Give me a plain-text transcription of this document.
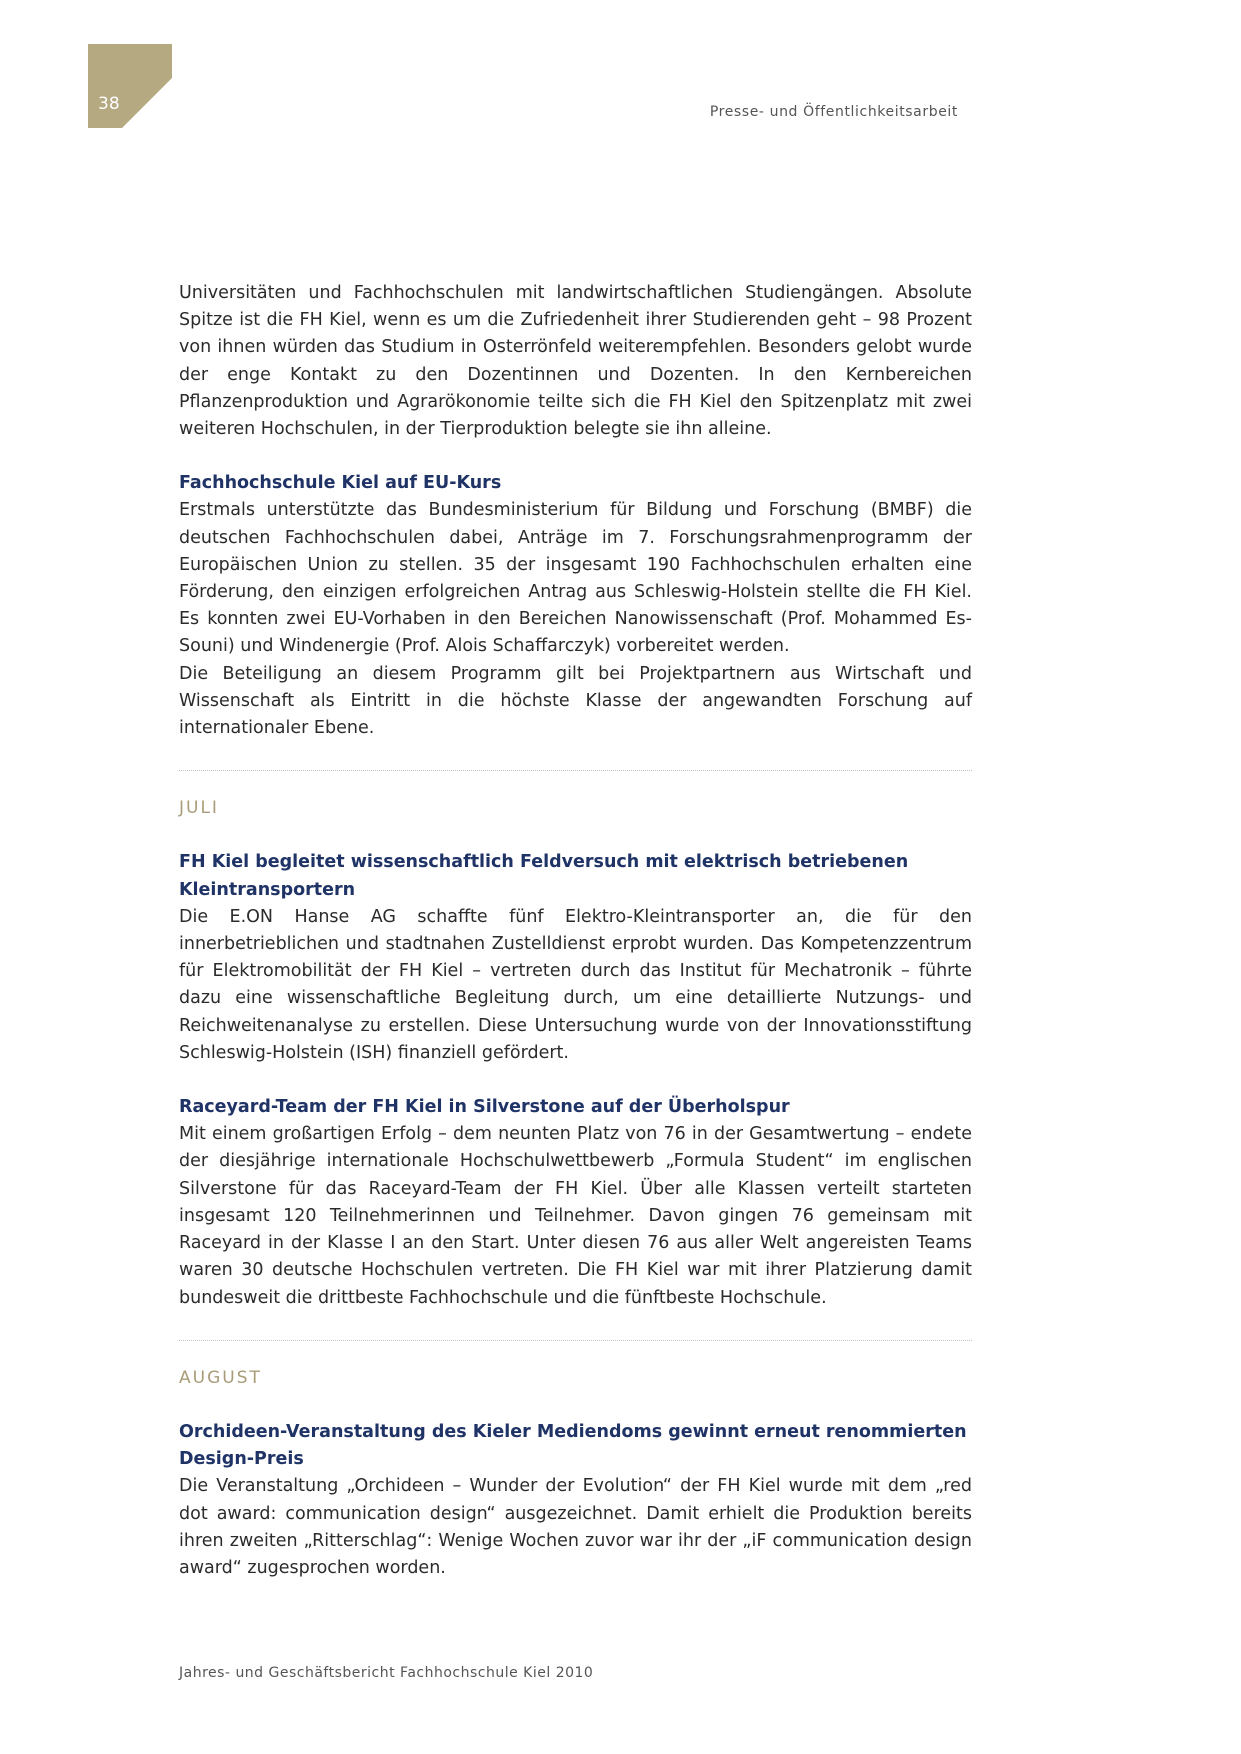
38	Presse- und Öffentlichkeitsarbeit

Universitäten und Fachhochschulen mit landwirtschaftlichen Studiengängen. Absolute Spitze ist die FH Kiel, wenn es um die Zufriedenheit ihrer Studierenden geht – 98 Prozent von ihnen würden das Studium in Osterrönfeld weiterempfehlen. Besonders gelobt wurde der enge Kontakt zu den Dozentinnen und Dozenten. In den Kernbereichen Pflanzenproduktion und Agrarökonomie teilte sich die FH Kiel den Spitzenplatz mit zwei weiteren Hochschulen, in der Tierproduktion belegte sie ihn alleine.

Fachhochschule Kiel auf EU-Kurs

Erstmals unterstützte das Bundesministerium für Bildung und Forschung (BMBF) die deutschen Fachhochschulen dabei, Anträge im 7. Forschungsrahmenprogramm der Europäischen Union zu stellen. 35 der insgesamt 190 Fachhochschulen erhalten eine Förderung, den einzigen erfolgreichen Antrag aus Schleswig-Holstein stellte die FH Kiel. Es konnten zwei EU-Vorhaben in den Bereichen Nanowissenschaft (Prof. Mohammed Es-Souni) und Windenergie (Prof. Alois Schaffarczyk) vorbereitet werden.

Die Beteiligung an diesem Programm gilt bei Projektpartnern aus Wirtschaft und Wissenschaft als Eintritt in die höchste Klasse der angewandten Forschung auf internationaler Ebene.

JULI
FH Kiel begleitet wissenschaftlich Feldversuch mit elektrisch betriebenen Kleintransportern

Die E.ON Hanse AG schaffte fünf Elektro-Kleintransporter an, die für den innerbetrieblichen und stadtnahen Zustelldienst erprobt wurden. Das Kompetenzzentrum für Elektromobilität der FH Kiel – vertreten durch das Institut für Mechatronik – führte dazu eine wissenschaftliche Begleitung durch, um eine detaillierte Nutzungs- und Reichweitenanalyse zu erstellen. Diese Untersuchung wurde von der Innovationsstiftung Schleswig-Holstein (ISH) finanziell gefördert.

Raceyard-Team der FH Kiel in Silverstone auf der Überholspur

Mit einem großartigen Erfolg – dem neunten Platz von 76 in der Gesamtwertung – endete der diesjährige internationale Hochschulwettbewerb „Formula Student“ im englischen Silverstone für das Raceyard-Team der FH Kiel. Über alle Klassen verteilt starteten insgesamt 120 Teilnehmerinnen und Teilnehmer. Davon gingen 76 gemeinsam mit Raceyard in der Klasse I an den Start. Unter diesen 76 aus aller Welt angereisten Teams waren 30 deutsche Hochschulen vertreten. Die FH Kiel war mit ihrer Platzierung damit bundesweit die drittbeste Fachhochschule und die fünftbeste Hochschule.

AUGUST
Orchideen-Veranstaltung des Kieler Mediendoms gewinnt erneut renommierten Design-Preis

Die Veranstaltung „Orchideen – Wunder der Evolution“ der FH Kiel wurde mit dem „red dot award: communication design“ ausgezeichnet. Damit erhielt die Produktion bereits ihren zweiten „Ritterschlag“: Wenige Wochen zuvor war ihr der „iF communication design award“ zugesprochen worden.

Jahres- und Geschäftsbericht Fachhochschule Kiel 2010
